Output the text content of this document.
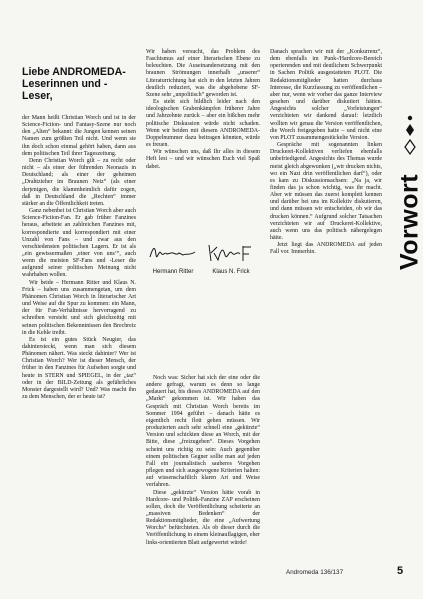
Liebe ANDROMEDA-Leserinnen und -Leser,

der Mann heißt Christian Worch und ist in der Science-Fiction- und Fantasy-Szene nur noch den „Alten“ bekannt: die Jungen kennen seinen Namen zum größten Teil nicht. Und wenn sie ihn doch schon einmal gehört haben, dann aus dem politischen Teil ihrer Tageszeitung.

Denn Christian Worch gilt – zu recht oder nicht – als einer der führenden Neonazis in Deutschland; als einer der geheimen „Drahtzieher im Braunen Netz“ (als einer derjenigen, die klammheimlich dafür zogen, daß in Deutschland die „Rechten“ immer stärker an die Öffentlichkeit treten.

Ganz nebenbei ist Christian Worch aber auch Science-Fiction-Fan. Er gab früher Fanzines heraus, arbeitete an zahlreichen Fanzines mit, korrespondierte und korrespondiert mit einer Unzahl von Fans – und zwar aus den verschiedensten politischen Lagern. Er ist als „ein gewissermaßen ‚einer von uns‘“, auch wenn die meisten SF-Fans und -Leser die aufgrund seiner politischen Meinung nicht wahrhaben wollen.

Wir beide – Hermann Ritter und Klaus N. Frick – haben uns zusammengetan, um dem Phänomen Christian Worch in literarischer Art und Weise auf die Spur zu kommen: ein Mann, der für Fan-Verhältnisse hervorragend zu schreiben versteht und sich gleichzeitig mit seinen politischen Bekenntnissen den Brechreiz in die Kehle treibt.

Es ist ein gutes Stück Neugier, das dahintersteckt, wenn man sich diesem Phänomen nähert. Was steckt dahinter? Wer ist Christian Worch? Wer ist dieser Mensch, der früher in den Fanzines für Aufsehen sorgte und heute in STERN und SPIEGEL, in der „taz“ oder in der BILD-Zeitung als gefährliches Monster dargestellt wird? Und? Was macht ihn zu dem Menschen, der er heute ist?

Wir haben versucht, das Problem des Faschismus auf einer literarischen Ebene zu beleuchten. Die Auseinandersetzung mit den braunen Strömungen innerhalb „unserer“ Literaturrichtung hat sich in den letzten Jahren deutlich reduziert, was die abgehobene SF-Szene sehr „unpolitisch“ geworden ist.

Es steht sich bildlich leider nach den ideologischen Grabenkämpfen früherer Jahre und Jahrzehnte zurück – aber ein bißchen mehr politische Diskussion würde nicht schaden. Wenn wir beiden mit diesem ANDROMEDA-Doppelnummer dazu beitragen könnten, würde es freuen.

Wir wünschen uns, daß Ihr alles in diesem Heft lest – und wir wünschen Euch viel Spaß dabei.

Hermann Ritter	Klaus N. Frick

Noch was: Sicher hat sich der eine oder die andere gefragt, warum es denn so lange gedauert hat, bis dieses ANDROMEDA auf den „Markt“ gekommen ist. Wir haben das Gespräch mit Christian Worch bereits im Sommer 1994 geführt – danach hätte es eigentlich recht flott gehen müssen. Wir produzierten auch sehr schnell eine „gekürzte“ Version und schickten diese an Worch, mit der Bitte, diese „freizugeben“. Dieses Vorgehen scheint uns richtig zu sein: Auch gegenüber einem politischen Gegner sollte man auf jeden Fall ein journalistisch sauberes Vorgehen pflegen und sich ausgewogene Kriterien halten: auf wissenschaftlich klaren Art und Weise verfahren.

Diese „gekürzte“ Version hätte vorab in Hardcore- und Politik-Fanzine ZAP erscheinen sollen, doch die Veröffentlichung scheiterte an „massiven Bedenken“ der Redaktionsmitglieder, die eine „Aufwertung Worchs“ befürchteten. Als ob dieser durch die Veröffentlichung in einem kleinauflagigen, eher links-orientierten Blatt aufgewertet würde!

Danach sprachen wir mit der „Konkurrenz“, dem ebenfalls im Punk-/Hardcore-Bereich operierenden und mit deutlichem Schwerpunkt in Sachen Politik ausgestatteten PLOT. Die Redaktionsmitglieder hatten durchaus Interesse, die Kurzfassung zu veröffentlichen – aber nur, wenn wir vorher das ganze Interview gesehen und darüber diskutiert hätten. Angesichts solcher „Vorleistungen“ verzichteten wir dankend darauf: letztlich wollten wir genau die Version veröffentlichen, die Worch freigegeben hatte – und nicht eine von PLOT zusammengestückelte Version.

Gespräche mit sogenannten linken Druckerei-Kollektiven verliefen ebenfalls unbefriedigend. Angesichts des Themas wurde meist gleich abgewunken („wir drucken nichts, wo ein Nazi drin veröffentlichen darf“), oder es kam zu Diskussionsachsen: „Na ja, wir finden das ja schon wichtig, was ihr macht. Aber wir müssen das zuerst komplett kennen und darüber bei uns im Kollektiv diskutieren, und dann müssen wir entscheiden, ob wir das drucken können.“ Aufgrund solcher Tatsachen verzichteten wir auf Druckerei-Kollektive, auch wenn uns das politisch nähergelegen hätte.

Jetzt liegt das ANDROMEDA auf jeden Fall vor. Immerhin.	Vorwort
Andromeda 136/137	5
